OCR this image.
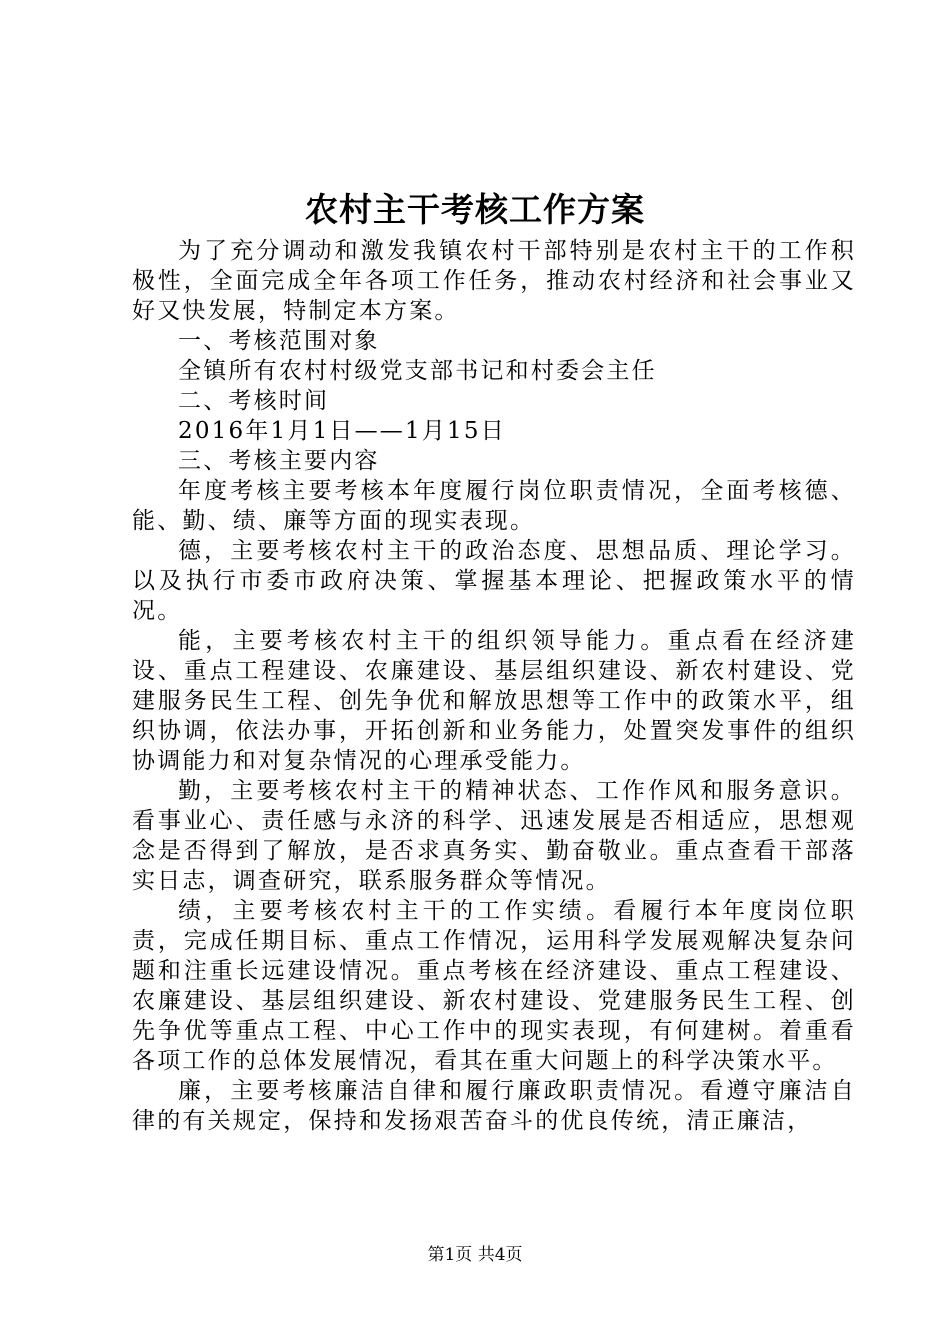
农村主干考核工作方案

为了充分调动和激发我镇农村干部特别是农村主干的工作积极性，全面完成全年各项工作任务，推动农村经济和社会事业又好又快发展，特制定本方案。

一、考核范围对象

全镇所有农村村级党支部书记和村委会主任

二、考核时间

2016年1月1日——1月15日

三、考核主要内容

年度考核主要考核本年度履行岗位职责情况，全面考核德、能、勤、绩、廉等方面的现实表现。

德，主要考核农村主干的政治态度、思想品质、理论学习。以及执行市委市政府决策、掌握基本理论、把握政策水平的情况。

能，主要考核农村主干的组织领导能力。重点看在经济建设、重点工程建设、农廉建设、基层组织建设、新农村建设、党建服务民生工程、创先争优和解放思想等工作中的政策水平，组织协调，依法办事，开拓创新和业务能力，处置突发事件的组织协调能力和对复杂情况的心理承受能力。

勤，主要考核农村主干的精神状态、工作作风和服务意识。看事业心、责任感与永济的科学、迅速发展是否相适应，思想观念是否得到了解放，是否求真务实、勤奋敬业。重点查看干部落实日志，调查研究，联系服务群众等情况。

绩，主要考核农村主干的工作实绩。看履行本年度岗位职责，完成任期目标、重点工作情况，运用科学发展观解决复杂问题和注重长远建设情况。重点考核在经济建设、重点工程建设、农廉建设、基层组织建设、新农村建设、党建服务民生工程、创先争优等重点工程、中心工作中的现实表现，有何建树。着重看各项工作的总体发展情况，看其在重大问题上的科学决策水平。

廉，主要考核廉洁自律和履行廉政职责情况。看遵守廉洁自律的有关规定，保持和发扬艰苦奋斗的优良传统，清正廉洁，

第1页 共4页
